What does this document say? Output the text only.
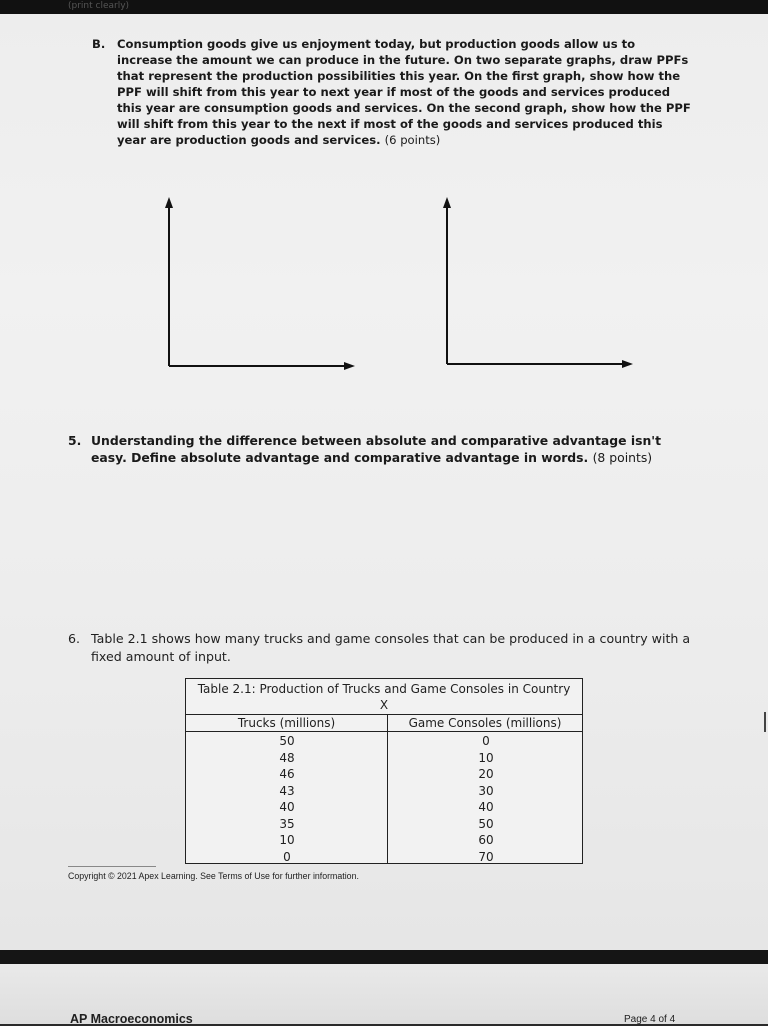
B. Consumption goods give us enjoyment today, but production goods allow us to increase the amount we can produce in the future. On two separate graphs, draw PPFs that represent the production possibilities this year. On the first graph, show how the PPF will shift from this year to next year if most of the goods and services produced this year are consumption goods and services. On the second graph, show how the PPF will shift from this year to the next if most of the goods and services produced this year are production goods and services. (6 points)
5. Understanding the difference between absolute and comparative advantage isn't easy. Define absolute advantage and comparative advantage in words. (8 points)
6. Table 2.1 shows how many trucks and game consoles that can be produced in a country with a fixed amount of input.
Table 2.1: Production of Trucks and Game Consoles in Country X
Trucks (millions)	Game Consoles (millions)
50	0
48	10
46	20
43	30
40	40
35	50
10	60
0	70
Copyright © 2021 Apex Learning. See Terms of Use for further information.
(print clearly)
AP Macroeconomics	Page 4 of 4
